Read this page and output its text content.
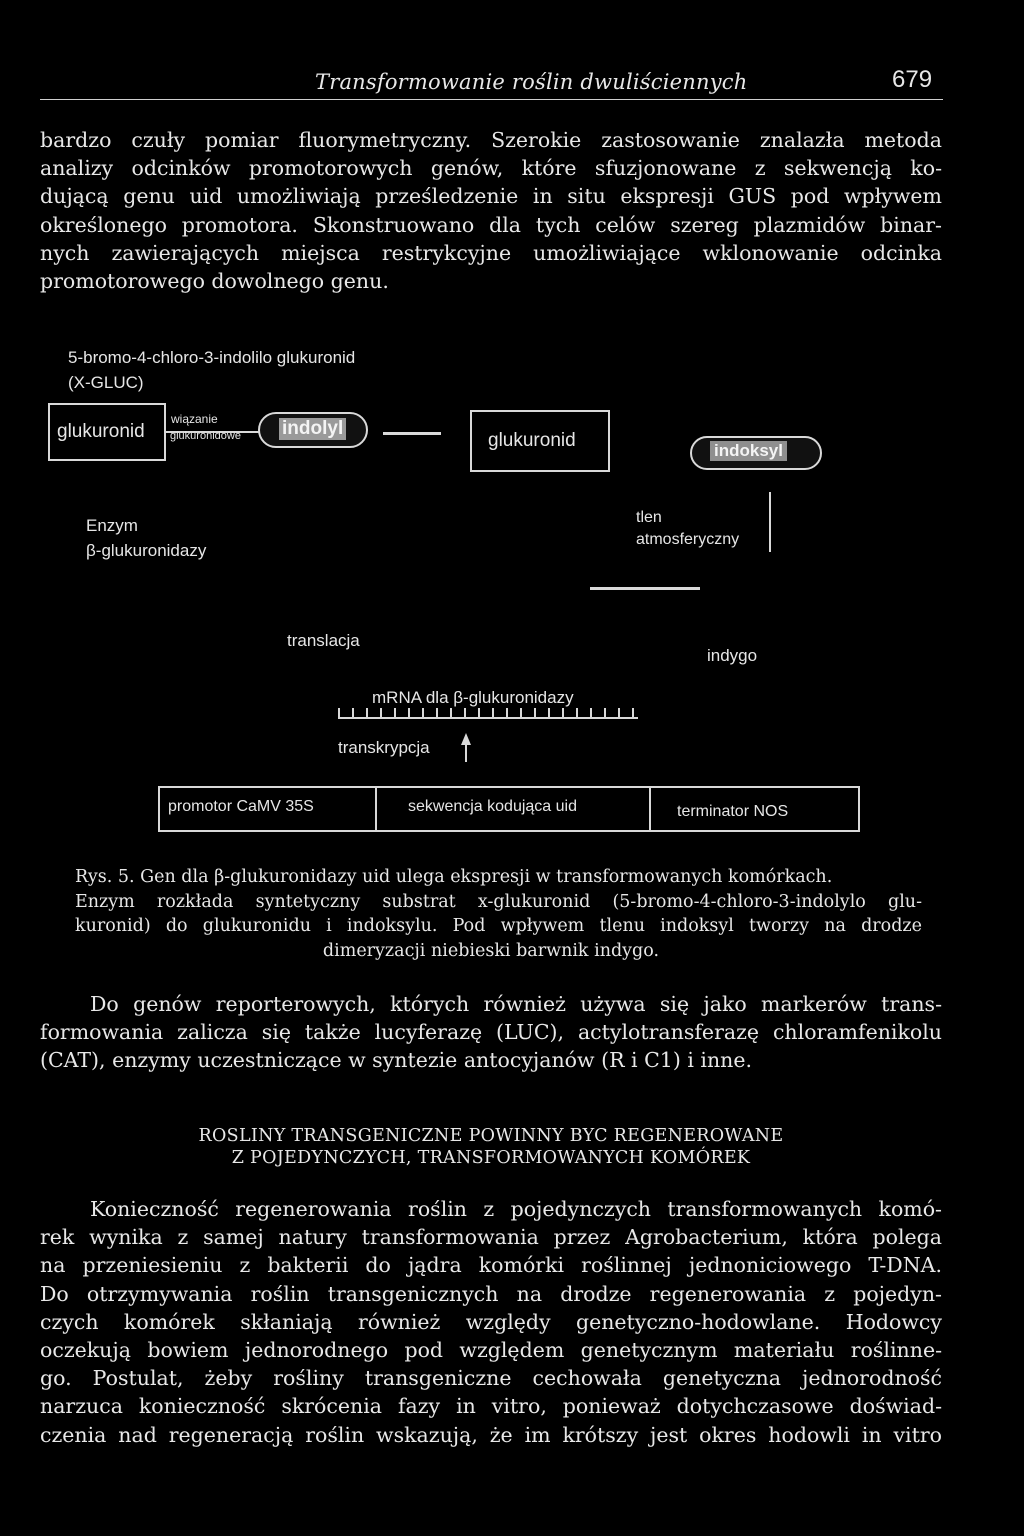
Transformowanie roślin dwuliściennych	679
bardzo czuły pomiar fluorymetryczny. Szerokie zastosowanie znalazła metoda
analizy odcinków promotorowych genów, które sfuzjonowane z sekwencją ko-
dującą genu uid umożliwiają prześledzenie in situ ekspresji GUS pod wpływem
określonego promotora. Skonstruowano dla tych celów szereg plazmidów binar-
nych zawierających miejsca restrykcyjne umożliwiające wklonowanie odcinka
promotorowego dowolnego genu.
5-bromo-4-chloro-3-indolilo glukuronid
(X-GLUC)
glukuronid
wiązanie
glukuronidowe indolyl
glukuronid	indoksyl
Enzym
β-glukuronidazy
tlen
atmosferyczny
translacja
indygo
mRNA dla β-glukuronidazy
transkrypcja
promotor CaMV 35S	sekwencja kodująca uid	terminator NOS
Rys. 5. Gen dla β-glukuronidazy uid ulega ekspresji w transformowanych komórkach.
Enzym rozkłada syntetyczny substrat x-glukuronid (5-bromo-4-chloro-3-indolylo glu-
kuronid) do glukuronidu i indoksylu. Pod wpływem tlenu indoksyl tworzy na drodze
dimeryzacji niebieski barwnik indygo.
Do genów reporterowych, których również używa się jako markerów trans-
formowania zalicza się także lucyferazę (LUC), actylotransferazę chloramfenikolu
(CAT), enzymy uczestniczące w syntezie antocyjanów (R i C1) i inne.
ROSLINY TRANSGENICZNE POWINNY BYC REGENEROWANE
Z POJEDYNCZYCH, TRANSFORMOWANYCH KOMÓREK
Konieczność regenerowania roślin z pojedynczych transformowanych komó-
rek wynika z samej natury transformowania przez Agrobacterium, która polega
na przeniesieniu z bakterii do jądra komórki roślinnej jednoniciowego T-DNA.
Do otrzymywania roślin transgenicznych na drodze regenerowania z pojedyn-
czych komórek skłaniają również względy genetyczno-hodowlane. Hodowcy
oczekują bowiem jednorodnego pod względem genetycznym materiału roślinne-
go. Postulat, żeby rośliny transgeniczne cechowała genetyczna jednorodność
narzuca konieczność skrócenia fazy in vitro, ponieważ dotychczasowe doświad-
czenia nad regeneracją roślin wskazują, że im krótszy jest okres hodowli in vitro
